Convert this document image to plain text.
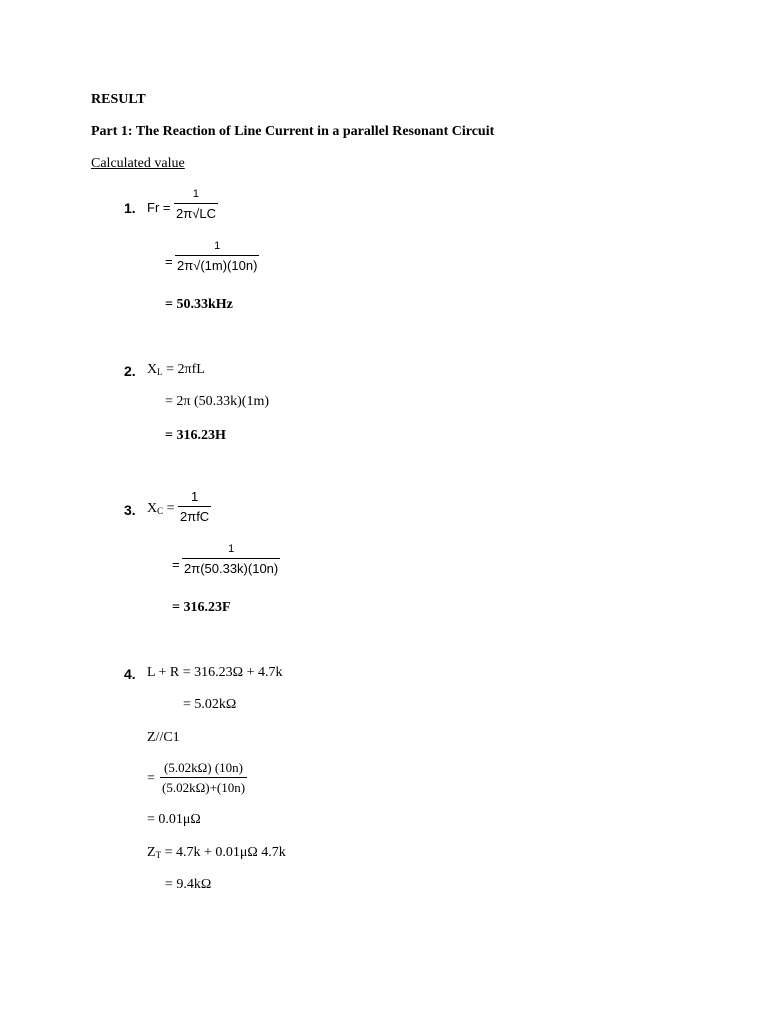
RESULT
Part 1: The Reaction of Line Current in a parallel Resonant Circuit
Calculated value
1. Fr =
1
2π√LC
=
1
2π√(1m)(10n)
= 50.33kHz
2. $X_L = 2\pi fL$
= 2π (50.33k)(1m)
= 316.23H
3. $X_C$ =
1
2πfC
=
1
2π(50.33k)(10n)
= 316.23F
4. L + R = 316.23Ω + 4.7k
= 5.02kΩ
Z//C1
=
(5.02kΩ) (10n)
(5.02kΩ)+(10n)
= 0.01μΩ
$Z_T = 4.7k + 0.01\mu\Omega$ 4.7k
= 9.4kΩ
